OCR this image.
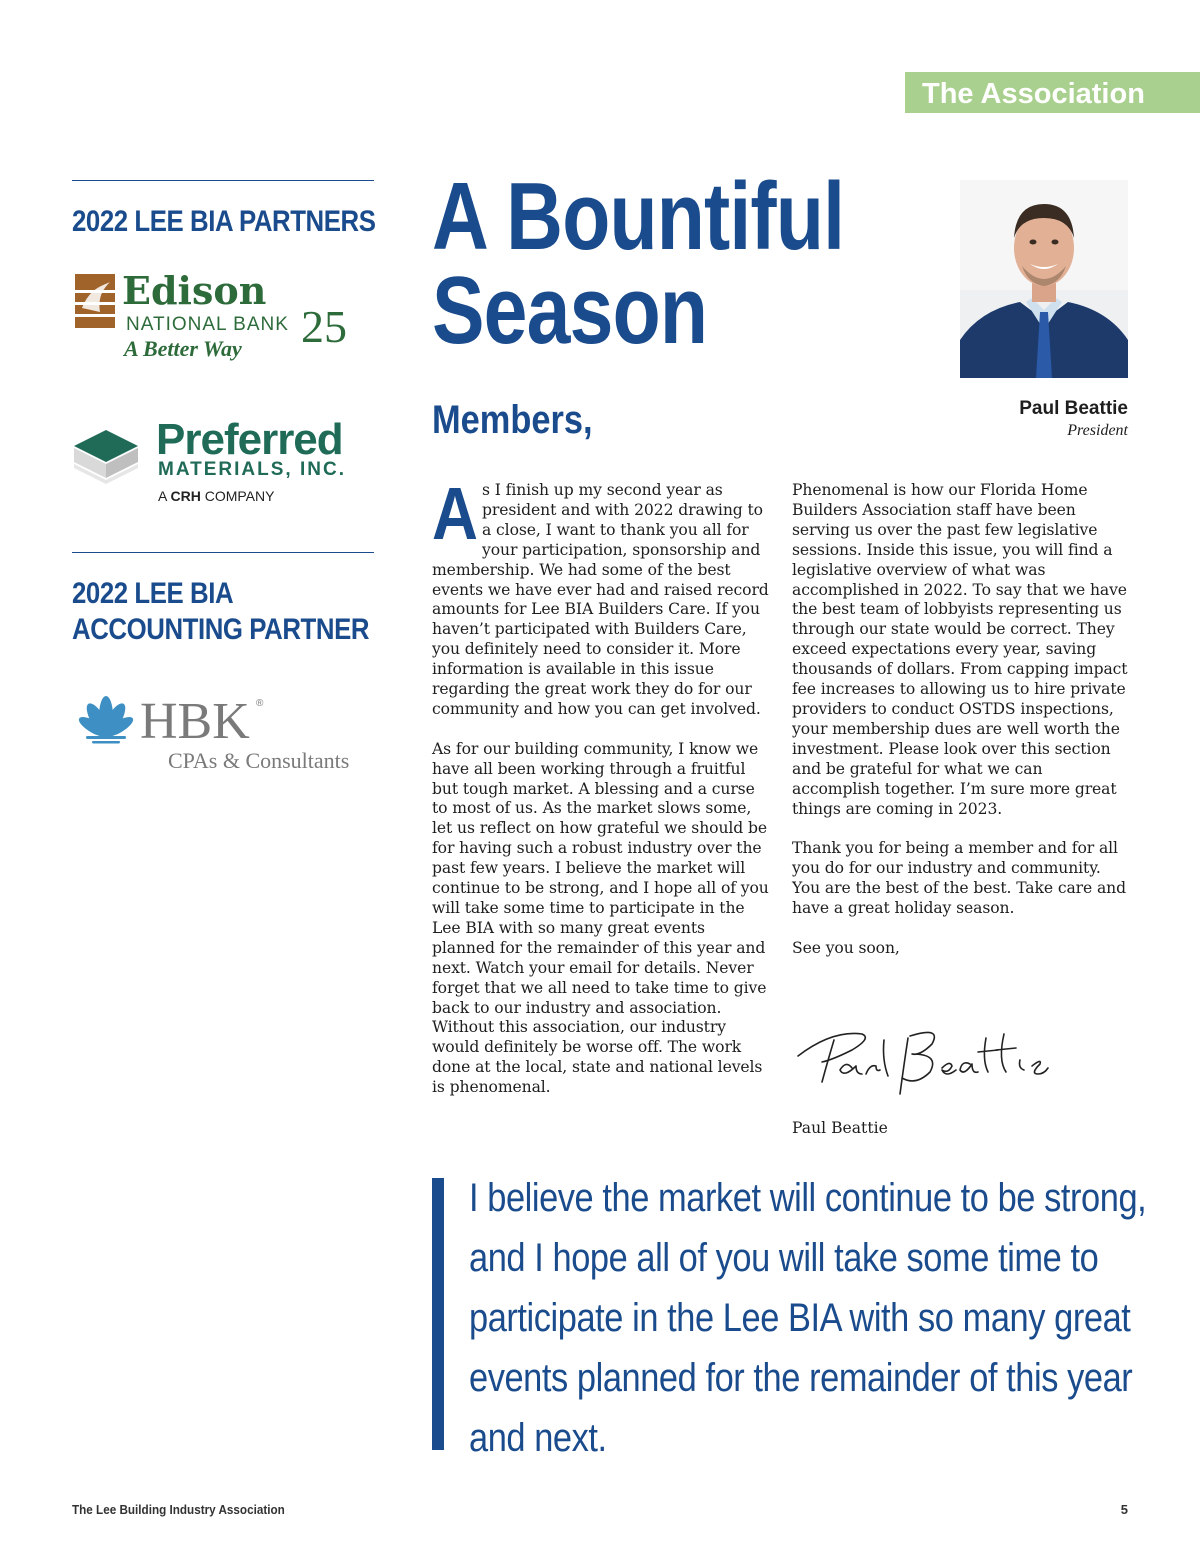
The Association
2022 LEE BIA PARTNERS
Edison
NATIONAL BANK
A Better Way 25
Preferred
MATERIALS, INC.
A CRH COMPANY
2022 LEE BIA
ACCOUNTING PARTNER
HBK ®
CPAs & Consultants
A Bountiful
Season
Paul Beattie
President
Members,

As I finish up my second year as president and with 2022 drawing to a close, I want to thank you all for your participation, sponsorship and membership. We had some of the best events we have ever had and raised record amounts for Lee BIA Builders Care. If you haven’t participated with Builders Care, you definitely need to consider it. More information is available in this issue regarding the great work they do for our community and how you can get involved.

As for our building community, I know we have all been working through a fruitful but tough market. A blessing and a curse to most of us. As the market slows some, let us reflect on how grateful we should be for having such a robust industry over the past few years. I believe the market will continue to be strong, and I hope all of you will take some time to participate in the Lee BIA with so many great events planned for the remainder of this year and next. Watch your email for details. Never forget that we all need to take time to give back to our industry and association. Without this association, our industry would definitely be worse off. The work done at the local, state and national levels is phenomenal.

Phenomenal is how our Florida Home Builders Association staff have been serving us over the past few legislative sessions. Inside this issue, you will find a legislative overview of what was accomplished in 2022. To say that we have the best team of lobbyists representing us through our state would be correct. They exceed expectations every year, saving thousands of dollars. From capping impact fee increases to allowing us to hire private providers to conduct OSTDS inspections, your membership dues are well worth the investment. Please look over this section and be grateful for what we can accomplish together. I’m sure more great things are coming in 2023.

Thank you for being a member and for all you do for our industry and community. You are the best of the best. Take care and have a great holiday season.

See you soon,

Paul Beattie
I believe the market will continue to be strong, and I hope all of you will take some time to participate in the Lee BIA with so many great events planned for the remainder of this year and next.
The Lee Building Industry Association	5
